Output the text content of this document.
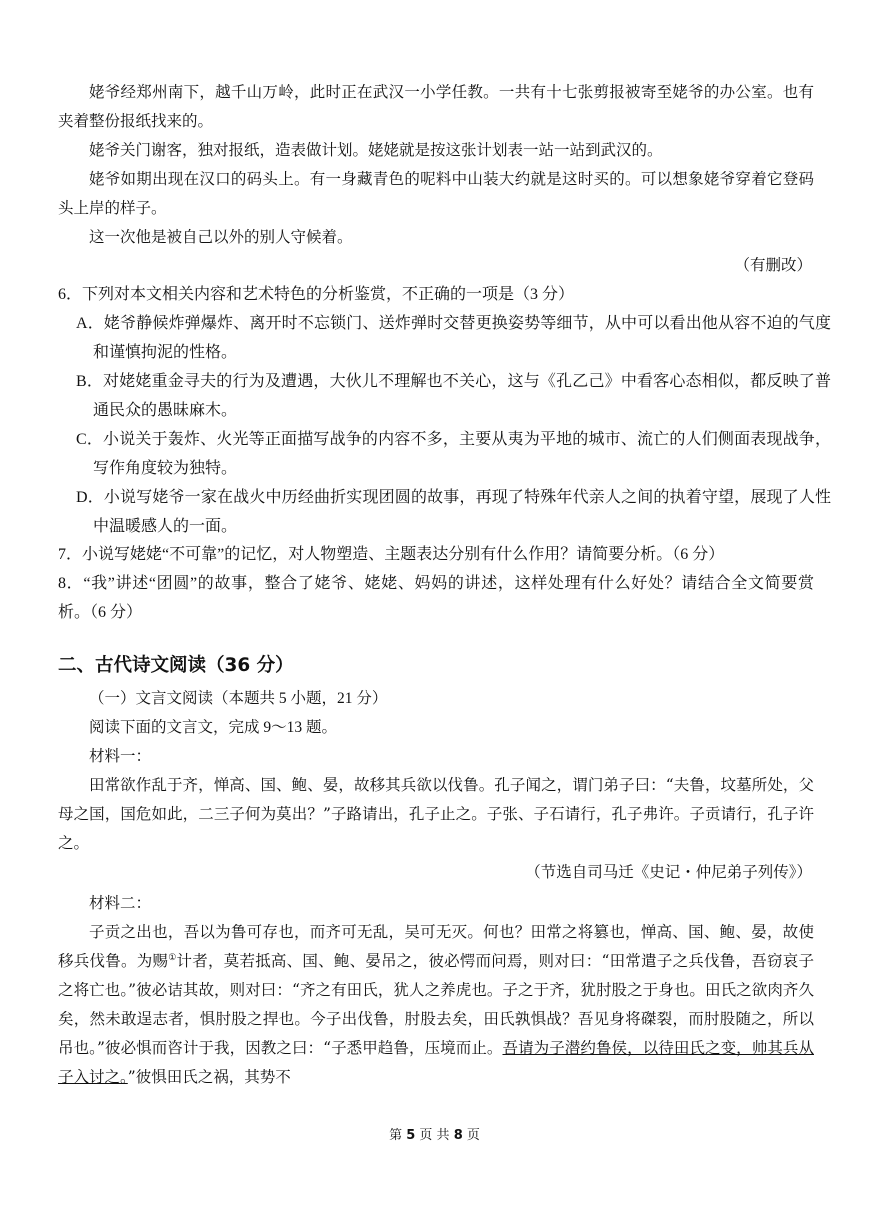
姥爷经郑州南下，越千山万岭，此时正在武汉一小学任教。一共有十七张剪报被寄至姥爷的办公室。也有夹着整份报纸找来的。

姥爷关门谢客，独对报纸，造表做计划。姥姥就是按这张计划表一站一站到武汉的。

姥爷如期出现在汉口的码头上。有一身藏青色的呢料中山装大约就是这时买的。可以想象姥爷穿着它登码头上岸的样子。

这一次他是被自己以外的别人守候着。

（有删改）

6．下列对本文相关内容和艺术特色的分析鉴赏，不正确的一项是（3 分）

A．姥爷静候炸弹爆炸、离开时不忘锁门、送炸弹时交替更换姿势等细节，从中可以看出他从容不迫的气度和谨慎拘泥的性格。

B．对姥姥重金寻夫的行为及遭遇，大伙儿不理解也不关心，这与《孔乙己》中看客心态相似，都反映了普通民众的愚昧麻木。

C．小说关于轰炸、火光等正面描写战争的内容不多，主要从夷为平地的城市、流亡的人们侧面表现战争，写作角度较为独特。

D．小说写姥爷一家在战火中历经曲折实现团圆的故事，再现了特殊年代亲人之间的执着守望，展现了人性中温暖感人的一面。

7．小说写姥姥“不可靠”的记忆，对人物塑造、主题表达分别有什么作用？请简要分析。（6 分）

8．“我”讲述“团圆”的故事，整合了姥爷、姥姥、妈妈的讲述，这样处理有什么好处？请结合全文简要赏析。（6 分）

二、古代诗文阅读（36 分）

（一）文言文阅读（本题共 5 小题，21 分）

阅读下面的文言文，完成 9～13 题。

材料一：

田常欲作乱于齐，惮高、国、鲍、晏，故移其兵欲以伐鲁。孔子闻之，谓门弟子曰：“夫鲁，坟墓所处，父母之国，国危如此，二三子何为莫出？”子路请出，孔子止之。子张、子石请行，孔子弗许。子贡请行，孔子许之。

（节选自司马迁《史记・仲尼弟子列传》）

材料二：

子贡之出也，吾以为鲁可存也，而齐可无乱，吴可无灭。何也？田常之将篡也，惮高、国、鲍、晏，故使移兵伐鲁。为赐①计者，莫若抵高、国、鲍、晏吊之，彼必愕而问焉，则对曰：“田常遣子之兵伐鲁，吾窃哀子之将亡也。”彼必诘其故，则对曰：“齐之有田氏，犹人之养虎也。子之于齐，犹肘股之于身也。田氏之欲肉齐久矣，然未敢逞志者，惧肘股之捍也。今子出伐鲁，肘股去矣，田氏孰惧战？吾见身将磔裂，而肘股随之，所以吊也。”彼必惧而咨计于我，因教之曰：“子悉甲趋鲁，压境而止。吾请为子潜约鲁侯，以待田氏之变，帅其兵从子入讨之。”彼惧田氏之祸，其势不

第 5 页 共 8 页
